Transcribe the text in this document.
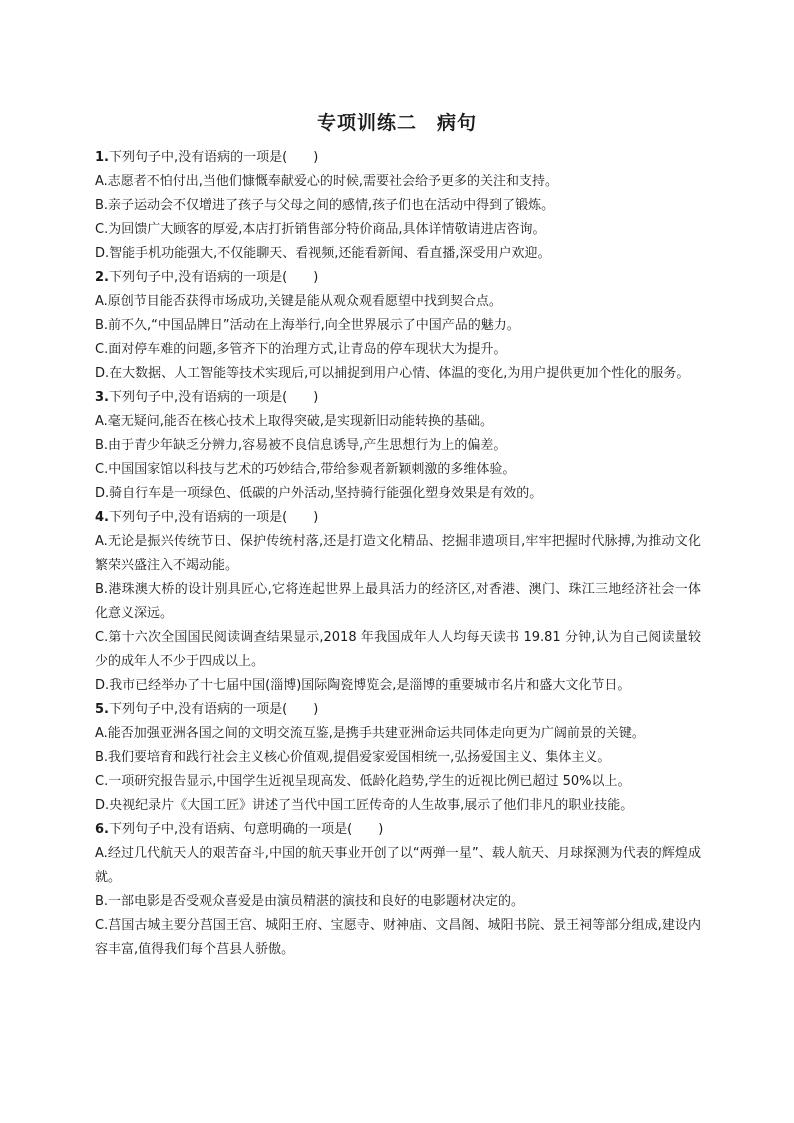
专项训练二　病句

1.下列句子中,没有语病的一项是(　　)

A.志愿者不怕付出,当他们慷慨奉献爱心的时候,需要社会给予更多的关注和支持。

B.亲子运动会不仅增进了孩子与父母之间的感情,孩子们也在活动中得到了锻炼。

C.为回馈广大顾客的厚爱,本店打折销售部分特价商品,具体详情敬请进店咨询。

D.智能手机功能强大,不仅能聊天、看视频,还能看新闻、看直播,深受用户欢迎。

2.下列句子中,没有语病的一项是(　　)

A.原创节目能否获得市场成功,关键是能从观众观看愿望中找到契合点。

B.前不久,“中国品牌日”活动在上海举行,向全世界展示了中国产品的魅力。

C.面对停车难的问题,多管齐下的治理方式,让青岛的停车现状大为提升。

D.在大数据、人工智能等技术实现后,可以捕捉到用户心情、体温的变化,为用户提供更加个性化的服务。

3.下列句子中,没有语病的一项是(　　)

A.毫无疑问,能否在核心技术上取得突破,是实现新旧动能转换的基础。

B.由于青少年缺乏分辨力,容易被不良信息诱导,产生思想行为上的偏差。

C.中国国家馆以科技与艺术的巧妙结合,带给参观者新颖刺激的多维体验。

D.骑自行车是一项绿色、低碳的户外活动,坚持骑行能强化塑身效果是有效的。

4.下列句子中,没有语病的一项是(　　)

A.无论是振兴传统节日、保护传统村落,还是打造文化精品、挖掘非遗项目,牢牢把握时代脉搏,为推动文化繁荣兴盛注入不竭动能。

B.港珠澳大桥的设计别具匠心,它将连起世界上最具活力的经济区,对香港、澳门、珠江三地经济社会一体化意义深远。

C.第十六次全国国民阅读调查结果显示,2018 年我国成年人人均每天读书 19.81 分钟,认为自己阅读量较少的成年人不少于四成以上。

D.我市已经举办了十七届中国(淄博)国际陶瓷博览会,是淄博的重要城市名片和盛大文化节日。

5.下列句子中,没有语病的一项是(　　)

A.能否加强亚洲各国之间的文明交流互鉴,是携手共建亚洲命运共同体走向更为广阔前景的关键。

B.我们要培育和践行社会主义核心价值观,提倡爱家爱国相统一,弘扬爱国主义、集体主义。

C.一项研究报告显示,中国学生近视呈现高发、低龄化趋势,学生的近视比例已超过 50%以上。

D.央视纪录片《大国工匠》讲述了当代中国工匠传奇的人生故事,展示了他们非凡的职业技能。

6.下列句子中,没有语病、句意明确的一项是(　　)

A.经过几代航天人的艰苦奋斗,中国的航天事业开创了以“两弹一星”、载人航天、月球探测为代表的辉煌成就。

B.一部电影是否受观众喜爱是由演员精湛的演技和良好的电影题材决定的。

C.莒国古城主要分莒国王宫、城阳王府、宝愿寺、财神庙、文昌阁、城阳书院、景王祠等部分组成,建设内容丰富,值得我们每个莒县人骄傲。
